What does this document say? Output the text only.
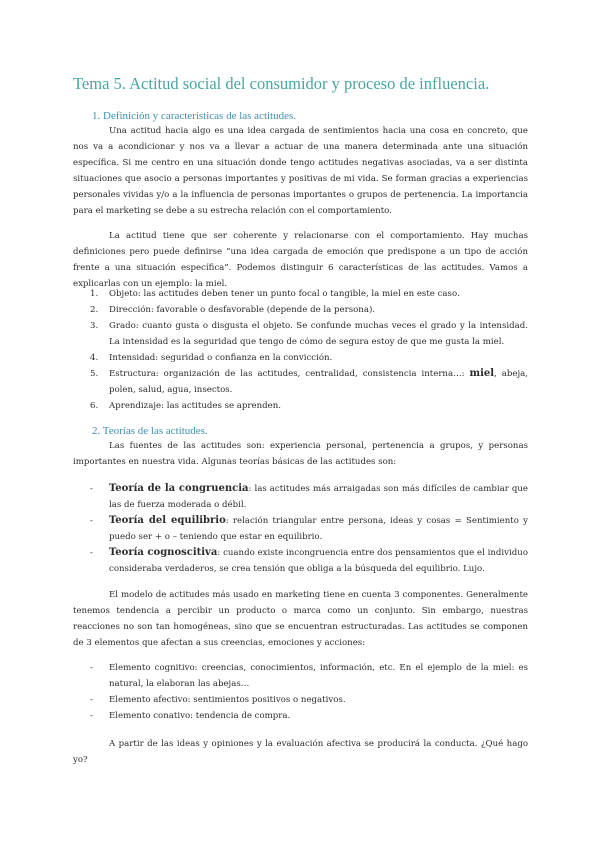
Tema 5. Actitud social del consumidor y proceso de influencia.
1. Definición y características de las actitudes.
Una actitud hacia algo es una idea cargada de sentimientos hacia una cosa en concreto, que nos va a acondicionar y nos va a llevar a actuar de una manera determinada ante una situación específica. Si me centro en una situación donde tengo actitudes negativas asociadas, va a ser distinta situaciones que asocio a personas importantes y positivas de mi vida. Se forman gracias a experiencias personales vividas y/o a la influencia de personas importantes o grupos de pertenencia. La importancia para el marketing se debe a su estrecha relación con el comportamiento.
La actitud tiene que ser coherente y relacionarse con el comportamiento. Hay muchas definiciones pero puede definirse “una idea cargada de emoción que predispone a un tipo de acción frente a una situación específica”. Podemos distinguir 6 características de las actitudes. Vamos a explicarlas con un ejemplo: la miel.
1. Objeto: las actitudes deben tener un punto focal o tangible, la miel en este caso.
2. Dirección: favorable o desfavorable (depende de la persona).
3. Grado: cuanto gusta o disgusta el objeto. Se confunde muchas veces el grado y la intensidad. La intensidad es la seguridad que tengo de cómo de segura estoy de que me gusta la miel.
4. Intensidad: seguridad o confianza en la convicción.
5. Estructura: organización de las actitudes, centralidad, consistencia interna…: miel, abeja, polen, salud, agua, insectos.
6. Aprendizaje: las actitudes se aprenden.
2. Teorías de las actitudes.
Las fuentes de las actitudes son: experiencia personal, pertenencia a grupos, y personas importantes en nuestra vida. Algunas teorías básicas de las actitudes son:
- Teoría de la congruencia: las actitudes más arraigadas son más difíciles de cambiar que las de fuerza moderada o débil.
- Teoría del equilibrio: relación triangular entre persona, ideas y cosas = Sentimiento y puedo ser + o – teniendo que estar en equilibrio.
- Teoría cognoscitiva: cuando existe incongruencia entre dos pensamientos que el individuo consideraba verdaderos, se crea tensión que obliga a la búsqueda del equilibrio. Lujo.
El modelo de actitudes más usado en marketing tiene en cuenta 3 componentes. Generalmente tenemos tendencia a percibir un producto o marca como un conjunto. Sin embargo, nuestras reacciones no son tan homogéneas, sino que se encuentran estructuradas. Las actitudes se componen de 3 elementos que afectan a sus creencias, emociones y acciones:
- Elemento cognitivo: creencias, conocimientos, información, etc. En el ejemplo de la miel: es natural, la elaboran las abejas…
- Elemento afectivo: sentimientos positivos o negativos.
- Elemento conativo: tendencia de compra.
A partir de las ideas y opiniones y la evaluación afectiva se producirá la conducta. ¿Qué hago yo?
